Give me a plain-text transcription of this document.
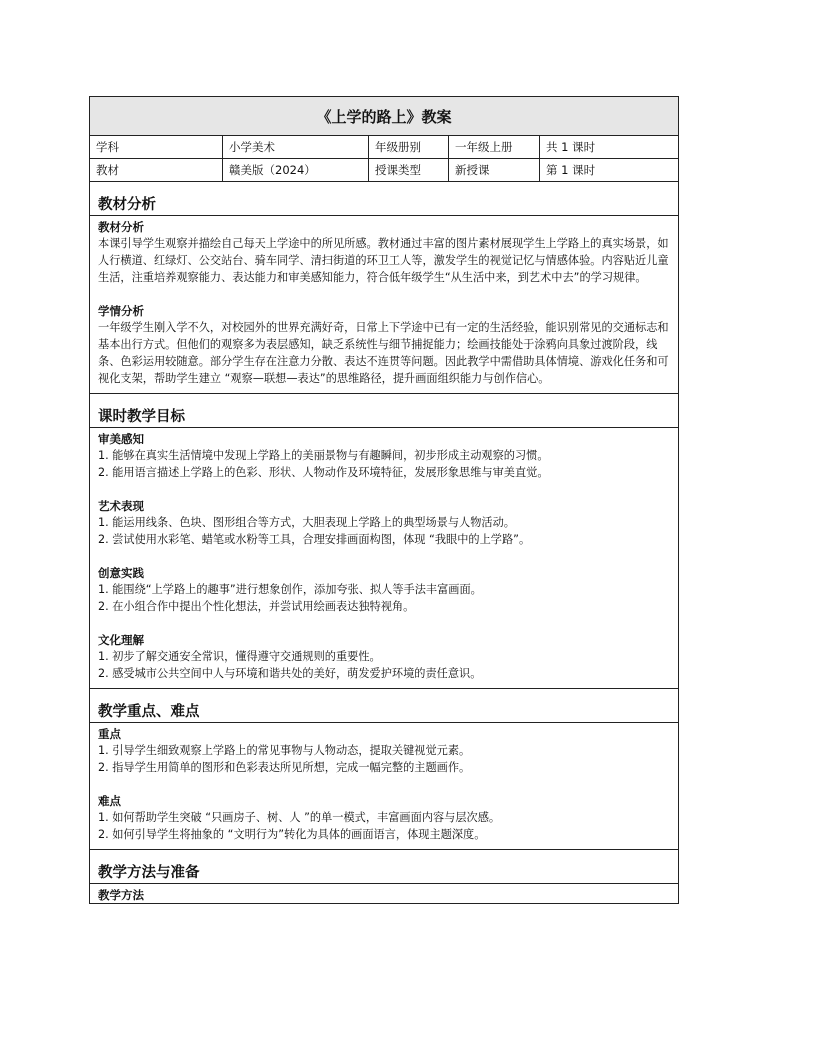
《上学的路上》教案
学科	小学美术	年级册别	一年级上册	共 1 课时
教材	赣美版（2024）	授课类型	新授课	第 1 课时
教材分析
教材分析

本课引导学生观察并描绘自己每天上学途中的所见所感。教材通过丰富的图片素材展现学生上学路上的真实场景，如人行横道、红绿灯、公交站台、骑车同学、清扫街道的环卫工人等，激发学生的视觉记忆与情感体验。内容贴近儿童生活，注重培养观察能力、表达能力和审美感知能力，符合低年级学生“从生活中来，到艺术中去”的学习规律。

学情分析

一年级学生刚入学不久，对校园外的世界充满好奇，日常上下学途中已有一定的生活经验，能识别常见的交通标志和基本出行方式。但他们的观察多为表层感知，缺乏系统性与细节捕捉能力；绘画技能处于涂鸦向具象过渡阶段，线条、色彩运用较随意。部分学生存在注意力分散、表达不连贯等问题。因此教学中需借助具体情境、游戏化任务和可视化支架，帮助学生建立 “观察—联想—表达”的思维路径，提升画面组织能力与创作信心。

课时教学目标
审美感知
1. 能够在真实生活情境中发现上学路上的美丽景物与有趣瞬间，初步形成主动观察的习惯。
2. 能用语言描述上学路上的色彩、形状、人物动作及环境特征，发展形象思维与审美直觉。
艺术表现
1. 能运用线条、色块、图形组合等方式，大胆表现上学路上的典型场景与人物活动。
2. 尝试使用水彩笔、蜡笔或水粉等工具，合理安排画面构图，体现 “我眼中的上学路”。
创意实践
1. 能围绕“上学路上的趣事”进行想象创作，添加夸张、拟人等手法丰富画面。
2. 在小组合作中提出个性化想法，并尝试用绘画表达独特视角。
文化理解
1. 初步了解交通安全常识，懂得遵守交通规则的重要性。
2. 感受城市公共空间中人与环境和谐共处的美好，萌发爱护环境的责任意识。
教学重点、难点
重点
1. 引导学生细致观察上学路上的常见事物与人物动态，提取关键视觉元素。
2. 指导学生用简单的图形和色彩表达所见所想，完成一幅完整的主题画作。
难点
1. 如何帮助学生突破 “只画房子、树、人 ”的单一模式，丰富画面内容与层次感。
2. 如何引导学生将抽象的 “文明行为”转化为具体的画面语言，体现主题深度。
教学方法与准备
教学方法
